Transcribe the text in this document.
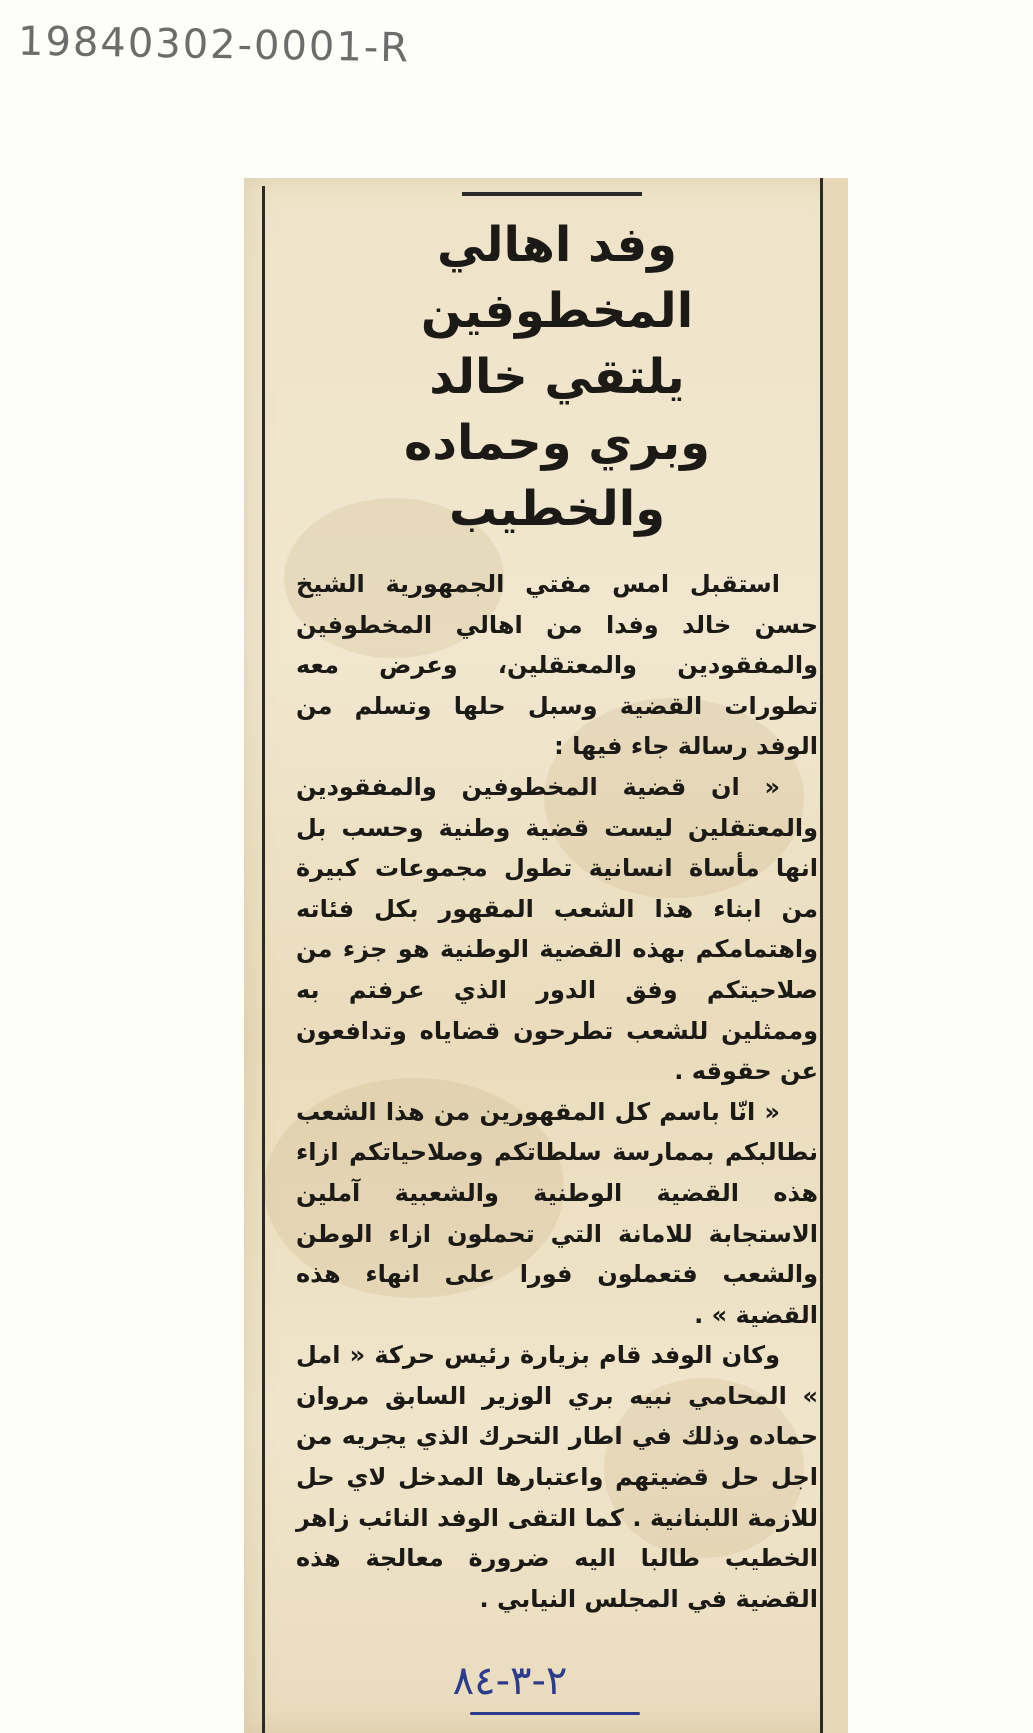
19840302-0001-R
وفد اهالي المخطوفين
يلتقي خالد
وبري وحماده والخطيب

استقبل امس مفتي الجمهورية الشيخ حسن خالد وفدا من اهالي المخطوفين والمفقودين والمعتقلين، وعرض معه تطورات القضية وسبل حلها وتسلم من الوفد رسالة جاء فيها :

« ان قضية المخطوفين والمفقودين والمعتقلين ليست قضية وطنية وحسب بل انها مأساة انسانية تطول مجموعات كبيرة من ابناء هذا الشعب المقهور بكل فئاته واهتمامكم بهذه القضية الوطنية هو جزء من صلاحيتكم وفق الدور الذي عرفتم به وممثلين للشعب تطرحون قضاياه وتدافعون عن حقوقه .

« انّا باسم كل المقهورين من هذا الشعب نطالبكم بممارسة سلطاتكم وصلاحياتكم ازاء هذه القضية الوطنية والشعبية آملين الاستجابة للامانة التي تحملون ازاء الوطن والشعب فتعملون فورا على انهاء هذه القضية » .

وكان الوفد قام بزيارة رئيس حركة « امل » المحامي نبيه بري الوزير السابق مروان حماده وذلك في اطار التحرك الذي يجريه من اجل حل قضيتهم واعتبارها المدخل لاي حل للازمة اللبنانية . كما التقى الوفد النائب زاهر الخطيب طالبا اليه ضرورة معالجة هذه القضية في المجلس النيابي .

٢-٣-٨٤
